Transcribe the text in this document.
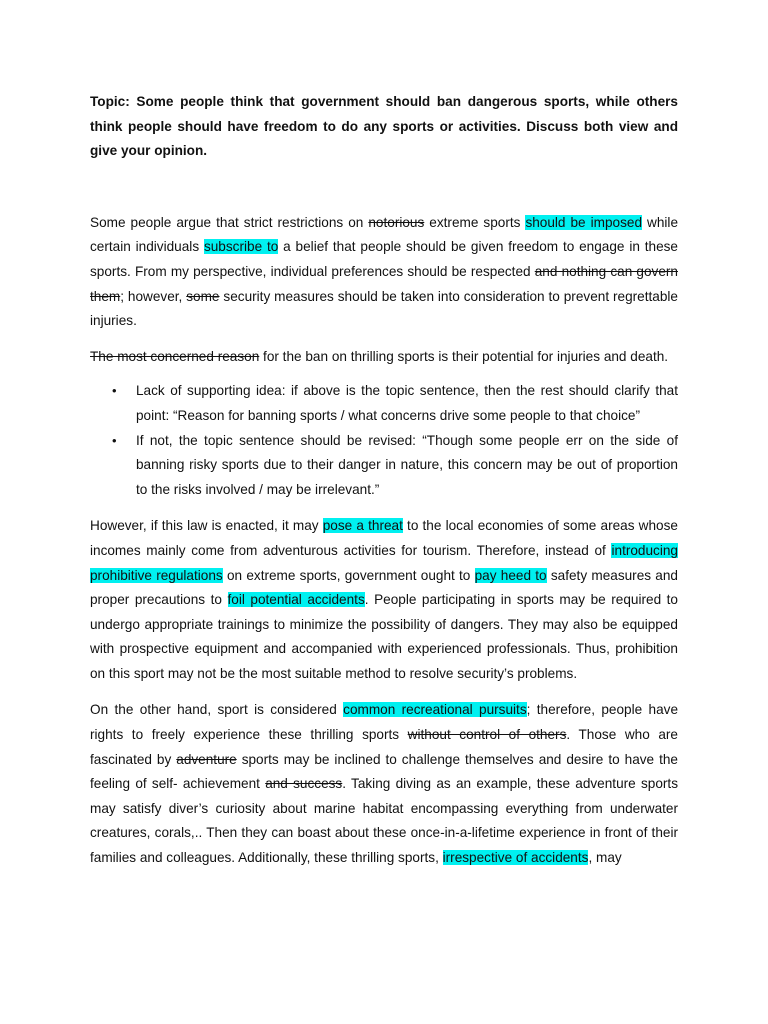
Topic: Some people think that government should ban dangerous sports, while others think people should have freedom to do any sports or activities. Discuss both view and give your opinion.

Some people argue that strict restrictions on notorious extreme sports should be imposed while certain individuals subscribe to a belief that people should be given freedom to engage in these sports. From my perspective, individual preferences should be respected and nothing can govern them; however, some security measures should be taken into consideration to prevent regrettable injuries.

The most concerned reason for the ban on thrilling sports is their potential for injuries and death.

• Lack of supporting idea: if above is the topic sentence, then the rest should clarify that point: “Reason for banning sports / what concerns drive some people to that choice”
• If not, the topic sentence should be revised: “Though some people err on the side of banning risky sports due to their danger in nature, this concern may be out of proportion to the risks involved / may be irrelevant.”

However, if this law is enacted, it may pose a threat to the local economies of some areas whose incomes mainly come from adventurous activities for tourism. Therefore, instead of introducing prohibitive regulations on extreme sports, government ought to pay heed to safety measures and proper precautions to foil potential accidents. People participating in sports may be required to undergo appropriate trainings to minimize the possibility of dangers. They may also be equipped with prospective equipment and accompanied with experienced professionals. Thus, prohibition on this sport may not be the most suitable method to resolve security’s problems.

On the other hand, sport is considered common recreational pursuits; therefore, people have rights to freely experience these thrilling sports without control of others. Those who are fascinated by adventure sports may be inclined to challenge themselves and desire to have the feeling of self- achievement and success. Taking diving as an example, these adventure sports may satisfy diver’s curiosity about marine habitat encompassing everything from underwater creatures, corals,.. Then they can boast about these once-in-a-lifetime experience in front of their families and colleagues. Additionally, these thrilling sports, irrespective of accidents, may
